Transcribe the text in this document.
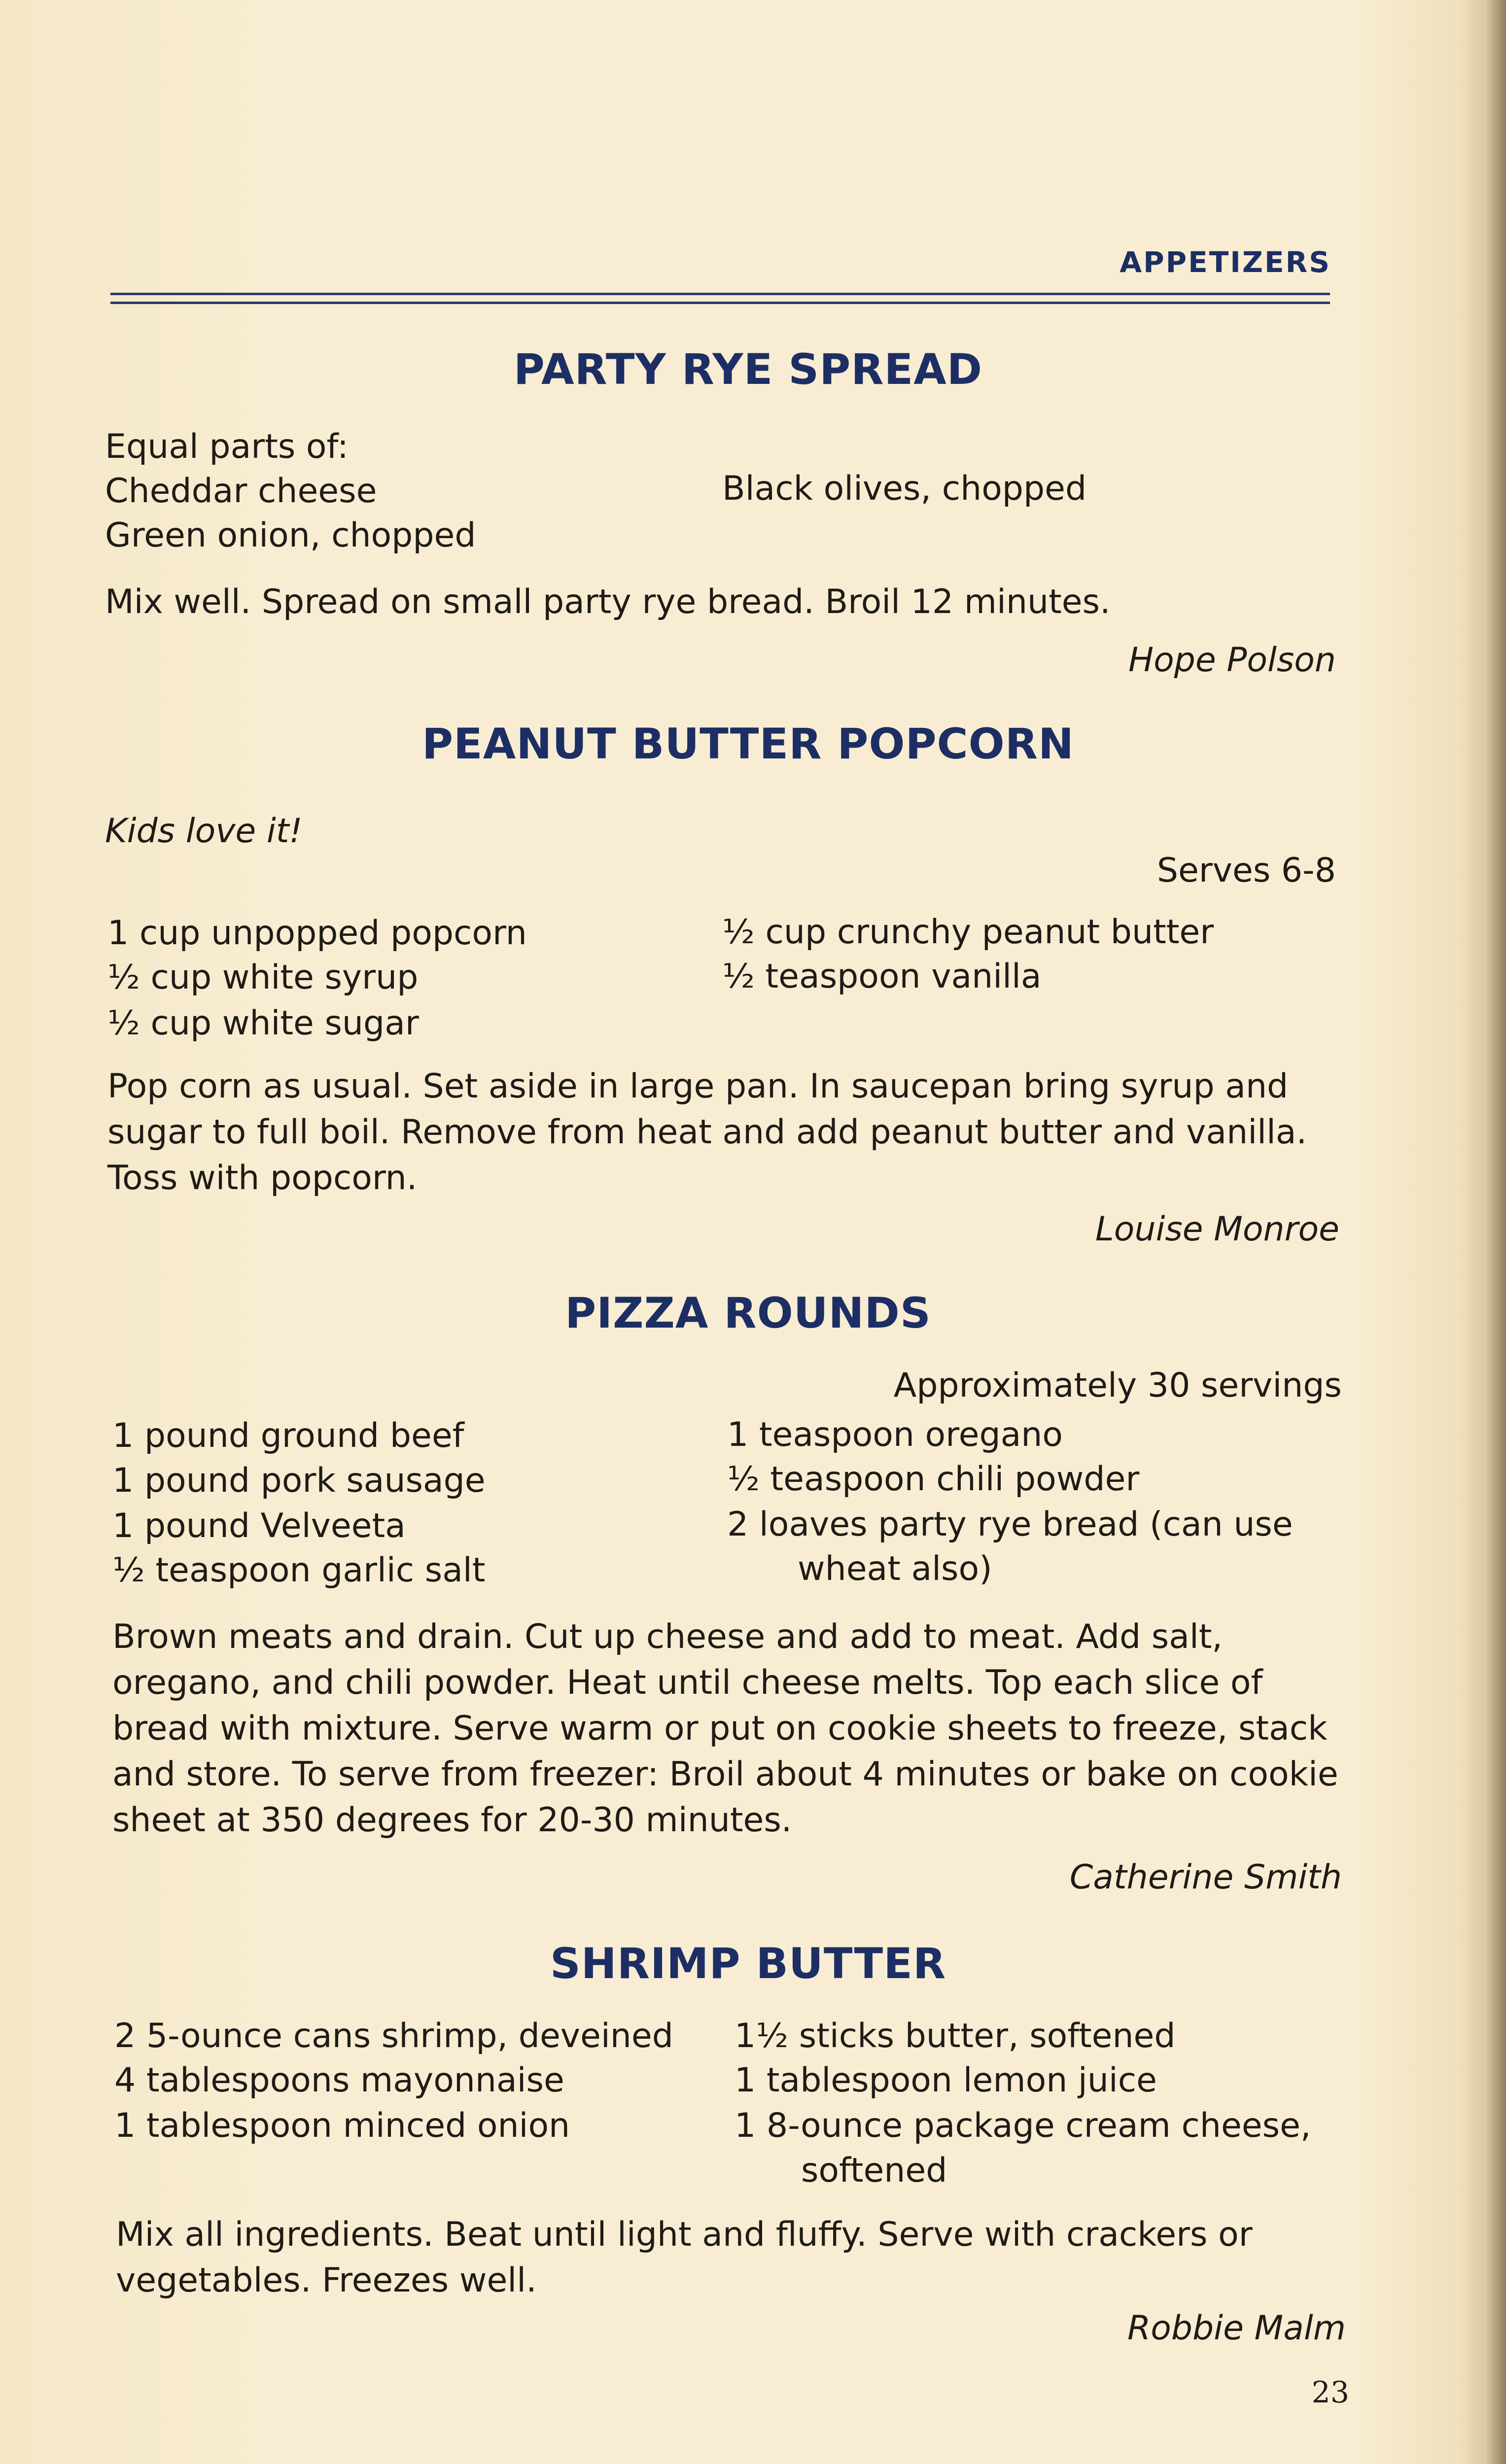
APPETIZERS
PARTY RYE SPREAD
Equal parts of:
Cheddar cheese
Green onion, chopped
Black olives, chopped
Mix well. Spread on small party rye bread. Broil 12 minutes.
Hope Polson
PEANUT BUTTER POPCORN
Kids love it!
Serves 6-8
1 cup unpopped popcorn
½ cup white syrup
½ cup white sugar
½ cup crunchy peanut butter
½ teaspoon vanilla
Pop corn as usual. Set aside in large pan. In saucepan bring syrup and sugar to full boil. Remove from heat and add peanut butter and vanilla. Toss with popcorn.
Louise Monroe
PIZZA ROUNDS
Approximately 30 servings
1 pound ground beef
1 pound pork sausage
1 pound Velveeta
½ teaspoon garlic salt
1 teaspoon oregano
½ teaspoon chili powder
2 loaves party rye bread (can use
wheat also)
Brown meats and drain. Cut up cheese and add to meat. Add salt, oregano, and chili powder. Heat until cheese melts. Top each slice of bread with mixture. Serve warm or put on cookie sheets to freeze, stack and store. To serve from freezer: Broil about 4 minutes or bake on cookie sheet at 350 degrees for 20-30 minutes.
Catherine Smith
SHRIMP BUTTER
2 5-ounce cans shrimp, deveined
4 tablespoons mayonnaise
1 tablespoon minced onion
1½ sticks butter, softened
1 tablespoon lemon juice
1 8-ounce package cream cheese,
softened
Mix all ingredients. Beat until light and fluffy. Serve with crackers or vegetables. Freezes well.
Robbie Malm
23
